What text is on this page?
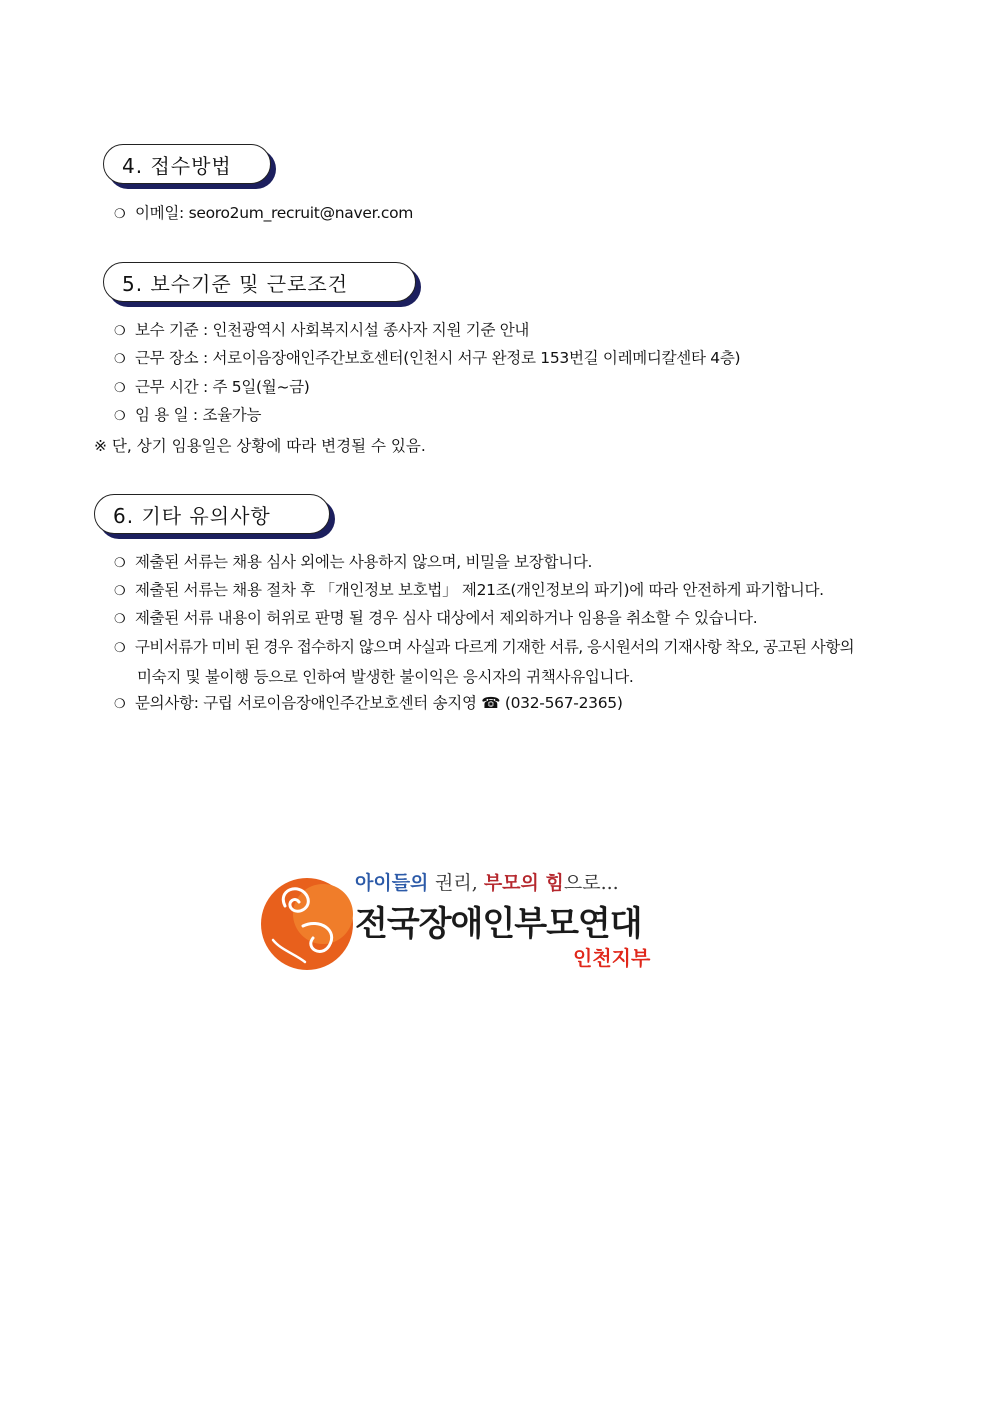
4. 접수방법
❍ 이메일: seoro2um_recruit@naver.com
5. 보수기준 및 근로조건
❍ 보수 기준 : 인천광역시 사회복지시설 종사자 지원 기준 안내
❍ 근무 장소 : 서로이음장애인주간보호센터(인천시 서구 완정로 153번길 이레메디칼센타 4층)
❍ 근무 시간 : 주 5일(월~금)
❍ 임 용 일 : 조율가능
※ 단, 상기 임용일은 상황에 따라 변경될 수 있음.
6. 기타 유의사항
❍ 제출된 서류는 채용 심사 외에는 사용하지 않으며, 비밀을 보장합니다.
❍ 제출된 서류는 채용 절차 후 「개인정보 보호법」 제21조(개인정보의 파기)에 따라 안전하게 파기합니다.
❍ 제출된 서류 내용이 허위로 판명 될 경우 심사 대상에서 제외하거나 임용을 취소할 수 있습니다.
❍ 구비서류가 미비 된 경우 접수하지 않으며 사실과 다르게 기재한 서류, 응시원서의 기재사항 착오, 공고된 사항의
미숙지 및 불이행 등으로 인하여 발생한 불이익은 응시자의 귀책사유입니다.
❍ 문의사항: 구립 서로이음장애인주간보호센터 송지영 ☎ (032-567-2365)
아이들의 권리, 부모의 힘으로...
전국장애인부모연대
인천지부
